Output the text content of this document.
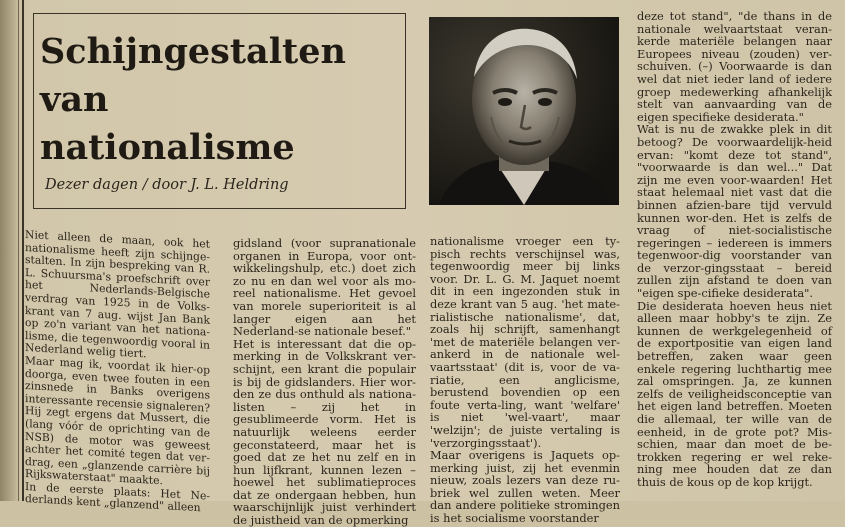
Schijngestalten
van nationalisme

Dezer dagen / door J. L. Heldring

Niet alleen de maan, ook het nationalisme heeft zijn schijnge-stalten. In zijn bespreking van R. L. Schuursma's proefschrift over het Nederlands-Belgische verdrag van 1925 in de Volks-krant van 7 aug. wijst Jan Bank op zo'n variant van het nationa-lisme, die tegenwoordig vooral in Nederland welig tiert.
Maar mag ik, voordat ik hier-op doorga, even twee fouten in een zinsnede in Banks overigens interessante recensie signaleren? Hij zegt ergens dat Mussert, die (lang vóór de oprichting van de NSB) de motor was geweest achter het comité tegen dat ver-drag, een „glanzende carrière bij Rijkswaterstaat" maakte.
In de eerste plaats: Het Ne-derlands kent „glanzend" alleen

gidsland (voor supranationale organen in Europa, voor ont-wikkelingshulp, etc.) doet zich zo nu en dan wel voor als mo-reel nationalisme. Het gevoel van morele superioriteit is al langer eigen aan het Nederland-se nationale besef."
Het is interessant dat die op-merking in de Volkskrant ver-schijnt, een krant die populair is bij de gidslanders. Hier wor-den ze dus onthuld als nationa-listen – zij het in gesublimeerde vorm. Het is natuurlijk weleens eerder geconstateerd, maar het is goed dat ze het nu zelf en in hun lijfkrant, kunnen lezen – hoewel het sublimatieproces dat ze ondergaan hebben, hun waarschijnlijk juist verhindert de juistheid van de opmerking

nationalisme vroeger een ty-pisch rechts verschijnsel was, tegenwoordig meer bij links voor. Dr. L. G. M. Jaquet noemt dit in een ingezonden stuk in deze krant van 5 aug. 'het mate-rialistische nationalisme', dat, zoals hij schrijft, samenhangt 'met de materiële belangen ver-ankerd in de nationale wel-vaartsstaat' (dit is, voor de va-riatie, een anglicisme, berustend bovendien op een foute verta-ling, want 'welfare' is niet 'wel-vaart', maar 'welzijn'; de juiste vertaling is 'verzorgingsstaat').
Maar overigens is Jaquets op-merking juist, zij het evenmin nieuw, zoals lezers van deze ru-briek wel zullen weten. Meer dan andere politieke stromingen is het socialisme voorstander

deze tot stand", "de thans in de nationale welvaartstaat veran-kerde materiële belangen naar Europees niveau (zouden) ver-schuiven. (–) Voorwaarde is dan wel dat niet ieder land of iedere groep medewerking afhankelijk stelt van aanvaarding van de eigen specifieke desiderata."
Wat is nu de zwakke plek in dit betoog? De voorwaardelijk-heid ervan: "komt deze tot stand", "voorwaarde is dan wel..." Dat zijn me even voor-waarden! Het staat helemaal niet vast dat die binnen afzien-bare tijd vervuld kunnen wor-den. Het is zelfs de vraag of niet-socialistische regeringen – iedereen is immers tegenwoor-dig voorstander van de verzor-gingsstaat – bereid zullen zijn afstand te doen van "eigen spe-cifieke desiderata".
Die desiderata hoeven heus niet alleen maar hobby's te zijn. Ze kunnen de werkgelegenheid of de exportpositie van eigen land betreffen, zaken waar geen enkele regering luchthartig mee zal omspringen. Ja, ze kunnen zelfs de veiligheidsconceptie van het eigen land betreffen. Moeten die allemaal, ter wille van de eenheid, in de grote pot? Mis-schien, maar dan moet de be-trokken regering er wel reke-ning mee houden dat ze dan thuis de kous op de kop krijgt.
